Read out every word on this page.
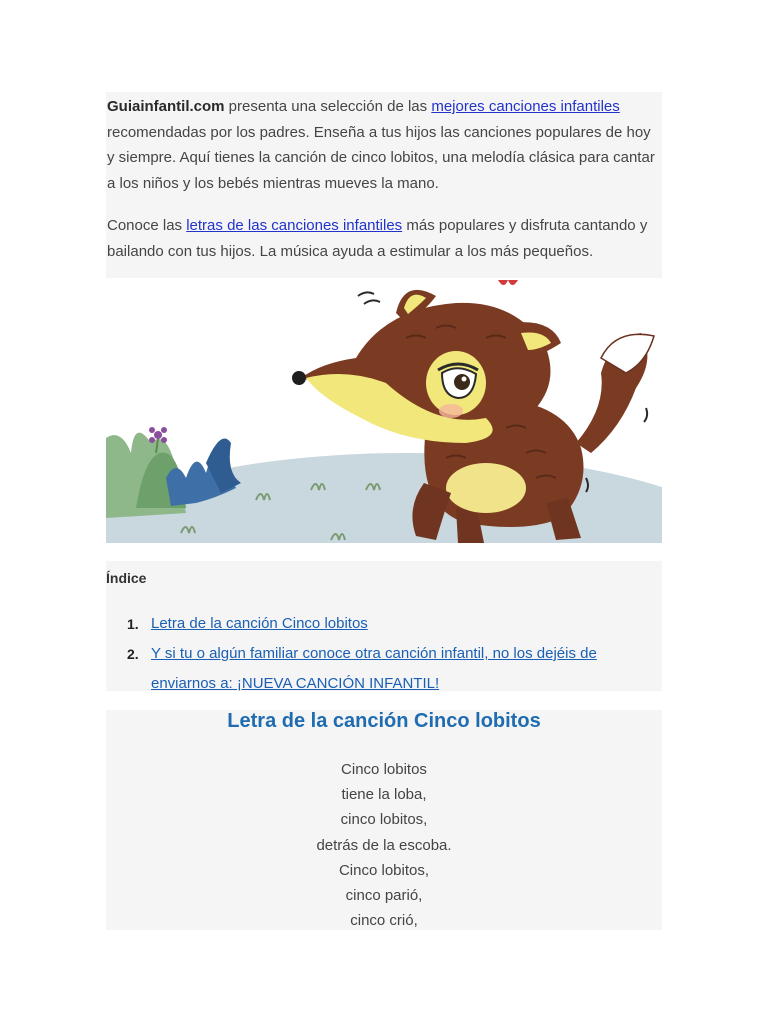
Guiainfantil.com presenta una selección de las mejores canciones infantiles recomendadas por los padres. Enseña a tus hijos las canciones populares de hoy y siempre. Aquí tienes la canción de cinco lobitos, una melodía clásica para cantar a los niños y los bebés mientras mueves la mano.

Conoce las letras de las canciones infantiles más populares y disfruta cantando y bailando con tus hijos. La música ayuda a estimular a los más pequeños.

Índice
1. Letra de la canción Cinco lobitos
2. Y si tu o algún familiar conoce otra canción infantil, no los dejéis de enviarnos a: ¡NUEVA CANCIÓN INFANTIL!
Letra de la canción Cinco lobitos
Cinco lobitos
tiene la loba,
cinco lobitos,
detrás de la escoba.
Cinco lobitos,
cinco parió,
cinco crió,
